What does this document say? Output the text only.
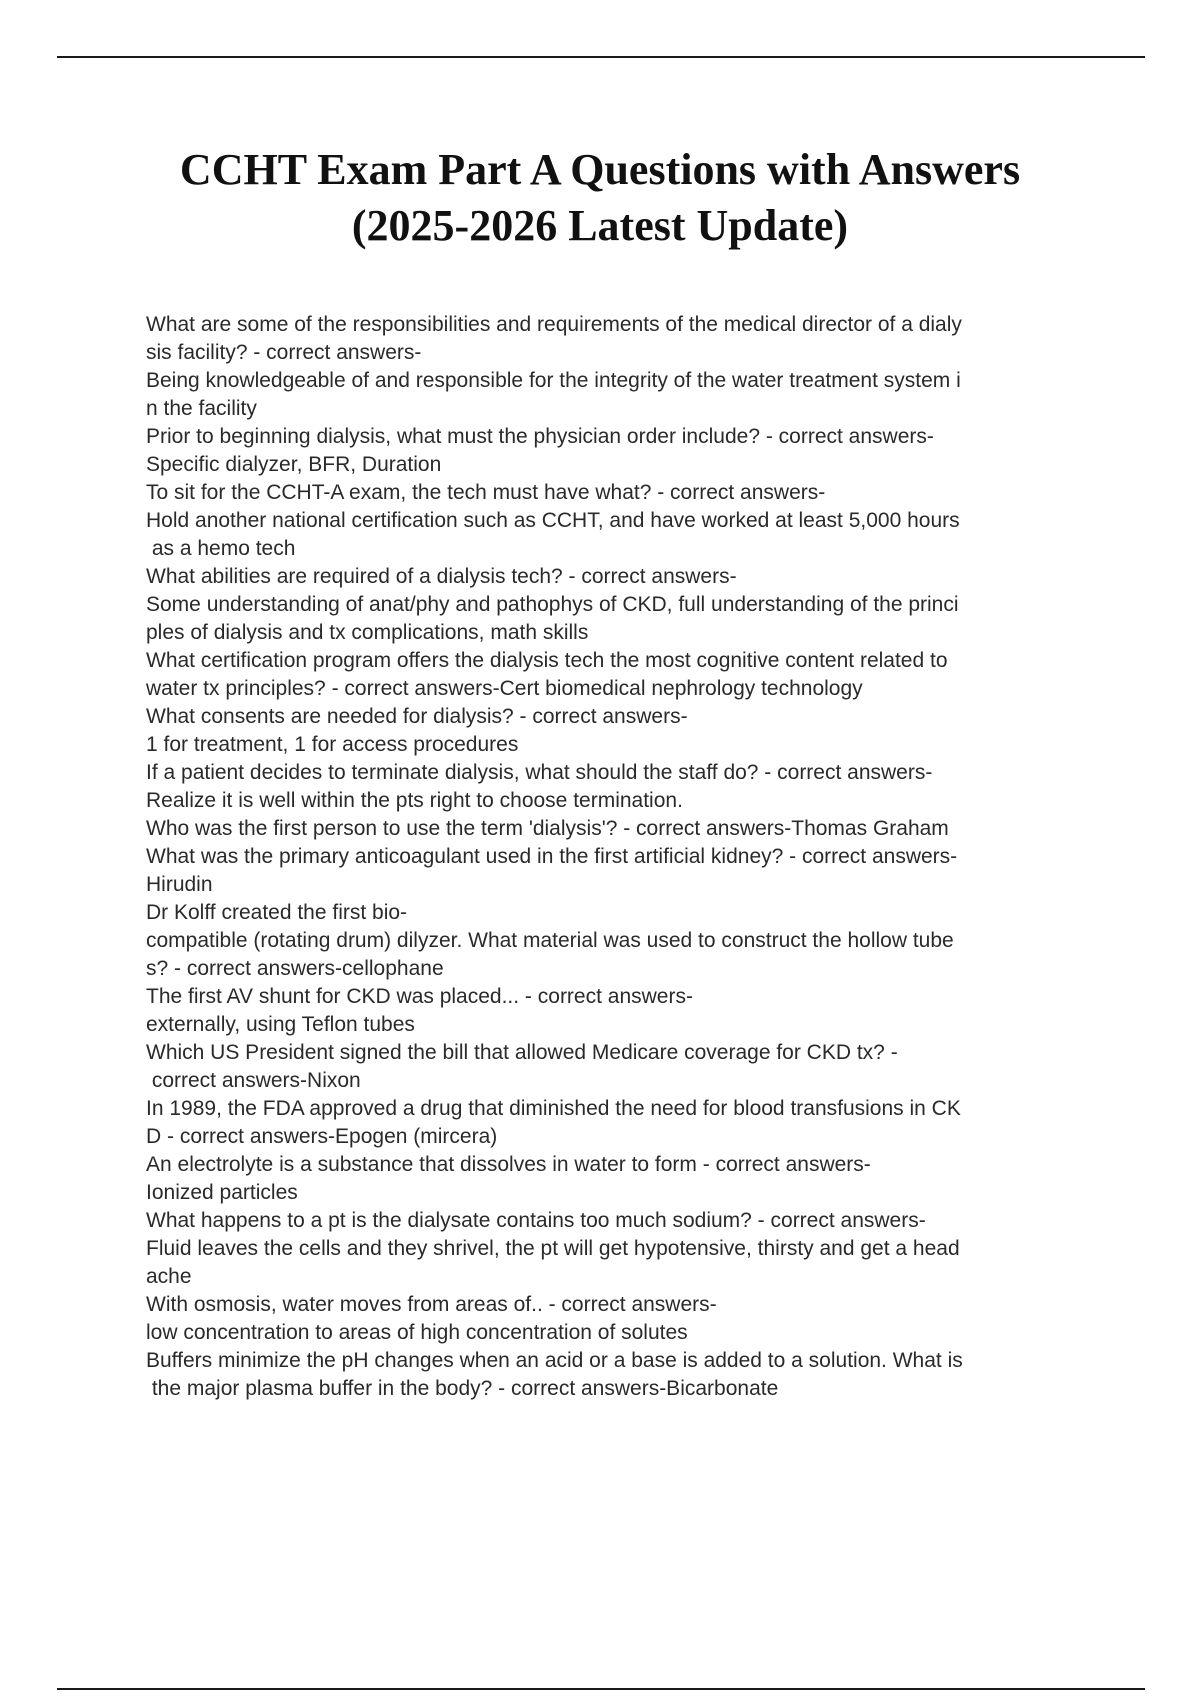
CCHT Exam Part A Questions with Answers
(2025-2026 Latest Update)
What are some of the responsibilities and requirements of the medical director of a dialy
sis facility? - correct answers-
Being knowledgeable of and responsible for the integrity of the water treatment system i
n the facility
Prior to beginning dialysis, what must the physician order include? - correct answers-
Specific dialyzer, BFR, Duration
To sit for the CCHT-A exam, the tech must have what? - correct answers-
Hold another national certification such as CCHT, and have worked at least 5,000 hours
as a hemo tech
What abilities are required of a dialysis tech? - correct answers-
Some understanding of anat/phy and pathophys of CKD, full understanding of the princi
ples of dialysis and tx complications, math skills
What certification program offers the dialysis tech the most cognitive content related to
water tx principles? - correct answers-Cert biomedical nephrology technology
What consents are needed for dialysis? - correct answers-
1 for treatment, 1 for access procedures
If a patient decides to terminate dialysis, what should the staff do? - correct answers-
Realize it is well within the pts right to choose termination.
Who was the first person to use the term 'dialysis'? - correct answers-Thomas Graham
What was the primary anticoagulant used in the first artificial kidney? - correct answers-
Hirudin
Dr Kolff created the first bio-
compatible (rotating drum) dilyzer. What material was used to construct the hollow tube
s? - correct answers-cellophane
The first AV shunt for CKD was placed... - correct answers-
externally, using Teflon tubes
Which US President signed the bill that allowed Medicare coverage for CKD tx? -
correct answers-Nixon
In 1989, the FDA approved a drug that diminished the need for blood transfusions in CK
D - correct answers-Epogen (mircera)
An electrolyte is a substance that dissolves in water to form - correct answers-
Ionized particles
What happens to a pt is the dialysate contains too much sodium? - correct answers-
Fluid leaves the cells and they shrivel, the pt will get hypotensive, thirsty and get a head
ache
With osmosis, water moves from areas of.. - correct answers-
low concentration to areas of high concentration of solutes
Buffers minimize the pH changes when an acid or a base is added to a solution. What is
the major plasma buffer in the body? - correct answers-Bicarbonate
